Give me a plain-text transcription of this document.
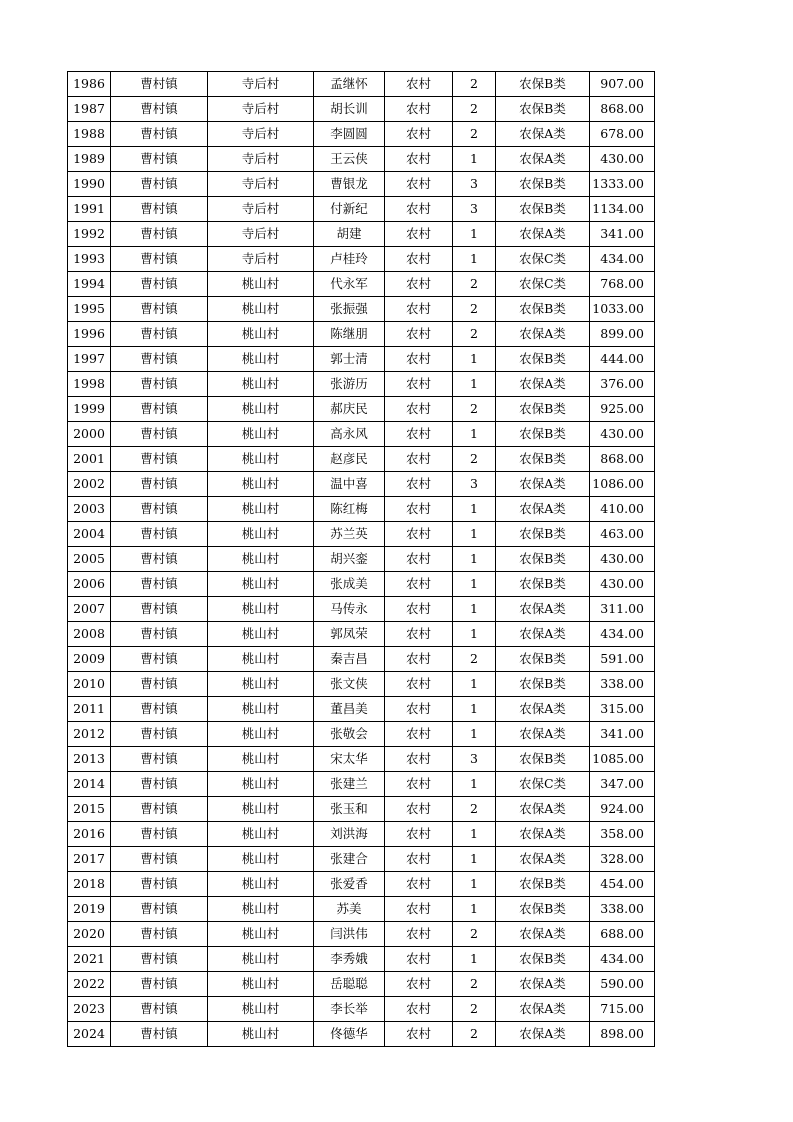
1986	曹村镇	寺后村	孟继怀	农村	2	农保B类	907.00
1987	曹村镇	寺后村	胡长训	农村	2	农保B类	868.00
1988	曹村镇	寺后村	李圆圆	农村	2	农保A类	678.00
1989	曹村镇	寺后村	王云侠	农村	1	农保A类	430.00
1990	曹村镇	寺后村	曹银龙	农村	3	农保B类	1333.00
1991	曹村镇	寺后村	付新纪	农村	3	农保B类	1134.00
1992	曹村镇	寺后村	胡建	农村	1	农保A类	341.00
1993	曹村镇	寺后村	卢桂玲	农村	1	农保C类	434.00
1994	曹村镇	桃山村	代永军	农村	2	农保C类	768.00
1995	曹村镇	桃山村	张振强	农村	2	农保B类	1033.00
1996	曹村镇	桃山村	陈继朋	农村	2	农保A类	899.00
1997	曹村镇	桃山村	郭士清	农村	1	农保B类	444.00
1998	曹村镇	桃山村	张游历	农村	1	农保A类	376.00
1999	曹村镇	桃山村	郝庆民	农村	2	农保B类	925.00
2000	曹村镇	桃山村	高永风	农村	1	农保B类	430.00
2001	曹村镇	桃山村	赵彦民	农村	2	农保B类	868.00
2002	曹村镇	桃山村	温中喜	农村	3	农保A类	1086.00
2003	曹村镇	桃山村	陈红梅	农村	1	农保A类	410.00
2004	曹村镇	桃山村	苏兰英	农村	1	农保B类	463.00
2005	曹村镇	桃山村	胡兴銮	农村	1	农保B类	430.00
2006	曹村镇	桃山村	张成美	农村	1	农保B类	430.00
2007	曹村镇	桃山村	马传永	农村	1	农保A类	311.00
2008	曹村镇	桃山村	郭凤荣	农村	1	农保A类	434.00
2009	曹村镇	桃山村	秦吉昌	农村	2	农保B类	591.00
2010	曹村镇	桃山村	张文侠	农村	1	农保B类	338.00
2011	曹村镇	桃山村	董昌美	农村	1	农保A类	315.00
2012	曹村镇	桃山村	张敬会	农村	1	农保A类	341.00
2013	曹村镇	桃山村	宋太华	农村	3	农保B类	1085.00
2014	曹村镇	桃山村	张建兰	农村	1	农保C类	347.00
2015	曹村镇	桃山村	张玉和	农村	2	农保A类	924.00
2016	曹村镇	桃山村	刘洪海	农村	1	农保A类	358.00
2017	曹村镇	桃山村	张建合	农村	1	农保A类	328.00
2018	曹村镇	桃山村	张爱香	农村	1	农保B类	454.00
2019	曹村镇	桃山村	苏美	农村	1	农保B类	338.00
2020	曹村镇	桃山村	闫洪伟	农村	2	农保A类	688.00
2021	曹村镇	桃山村	李秀娥	农村	1	农保B类	434.00
2022	曹村镇	桃山村	岳聪聪	农村	2	农保A类	590.00
2023	曹村镇	桃山村	李长举	农村	2	农保A类	715.00
2024	曹村镇	桃山村	佟德华	农村	2	农保A类	898.00
